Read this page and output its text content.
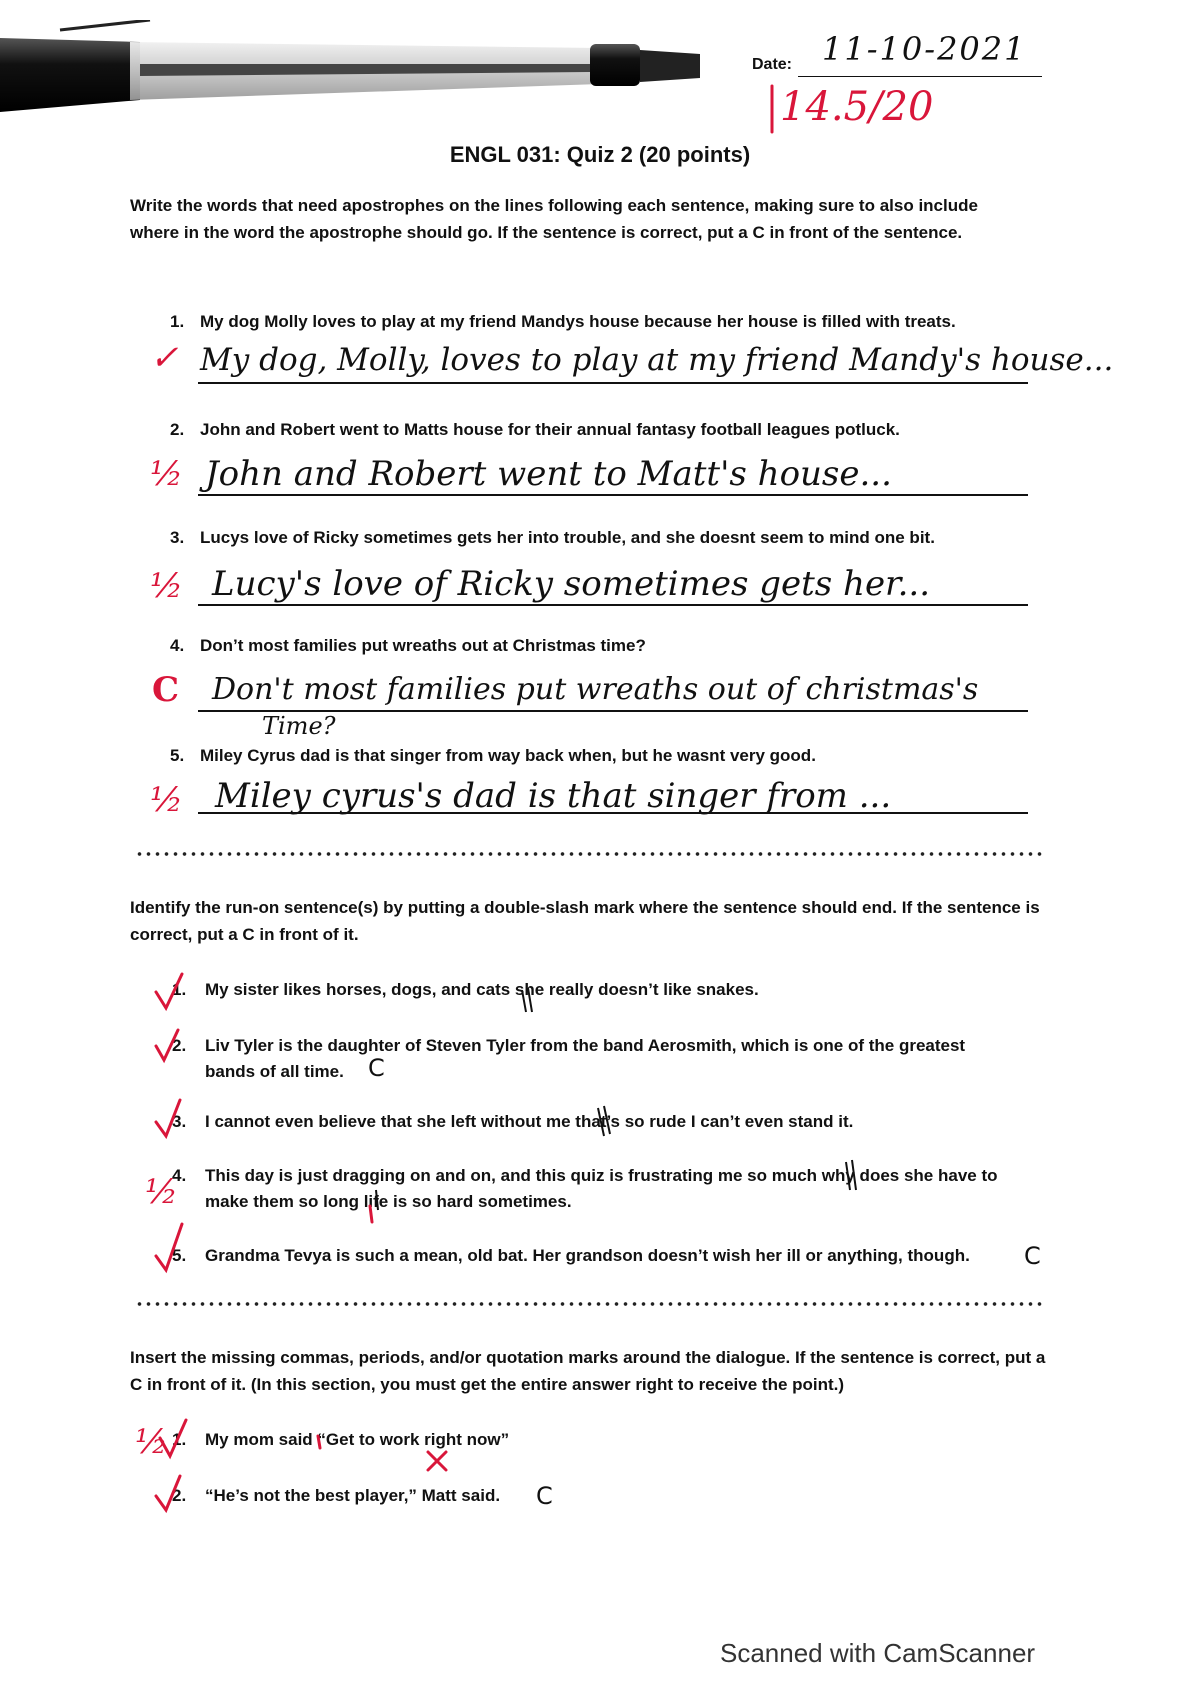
Date: 11-10-2021
14.5/20
ENGL 031: Quiz 2 (20 points)
Write the words that need apostrophes on the lines following each sentence, making sure to also include where in the word the apostrophe should go. If the sentence is correct, put a C in front of the sentence.
1. My dog Molly loves to play at my friend Mandys house because her house is filled with treats.
✓ My dog, Molly, loves to play at my friend Mandy's house...
2. John and Robert went to Matts house for their annual fantasy football leagues potluck.
½ John and Robert went to Matt's house...
3. Lucys love of Ricky sometimes gets her into trouble, and she doesnt seem to mind one bit.
½ Lucy's love of Ricky sometimes gets her...
4. Don’t most families put wreaths out at Christmas time?
C Don't most families put wreaths out of christmas's
Time?
5. Miley Cyrus dad is that singer from way back when, but he wasnt very good.
½ Miley cyrus's dad is that singer from ...
Identify the run-on sentence(s) by putting a double-slash mark where the sentence should end. If the sentence is correct, put a C in front of it.
1. My sister likes horses, dogs, and cats she really doesn’t like snakes.
2. Liv Tyler is the daughter of Steven Tyler from the band Aerosmith, which is one of the greatest
bands of all time. C
3. I cannot even believe that she left without me that’s so rude I can’t even stand it.
4. This day is just dragging on and on, and this quiz is frustrating me so much why does she have to
make them so long life is so hard sometimes.
½
5. Grandma Tevya is such a mean, old bat. Her grandson doesn’t wish her ill or anything, though. C
Insert the missing commas, periods, and/or quotation marks around the dialogue. If the sentence is correct, put a C in front of it. (In this section, you must get the entire answer right to receive the point.)
1. My mom said “Get to work right now”
½
2. “He’s not the best player,” Matt said. C
Scanned with CamScanner
